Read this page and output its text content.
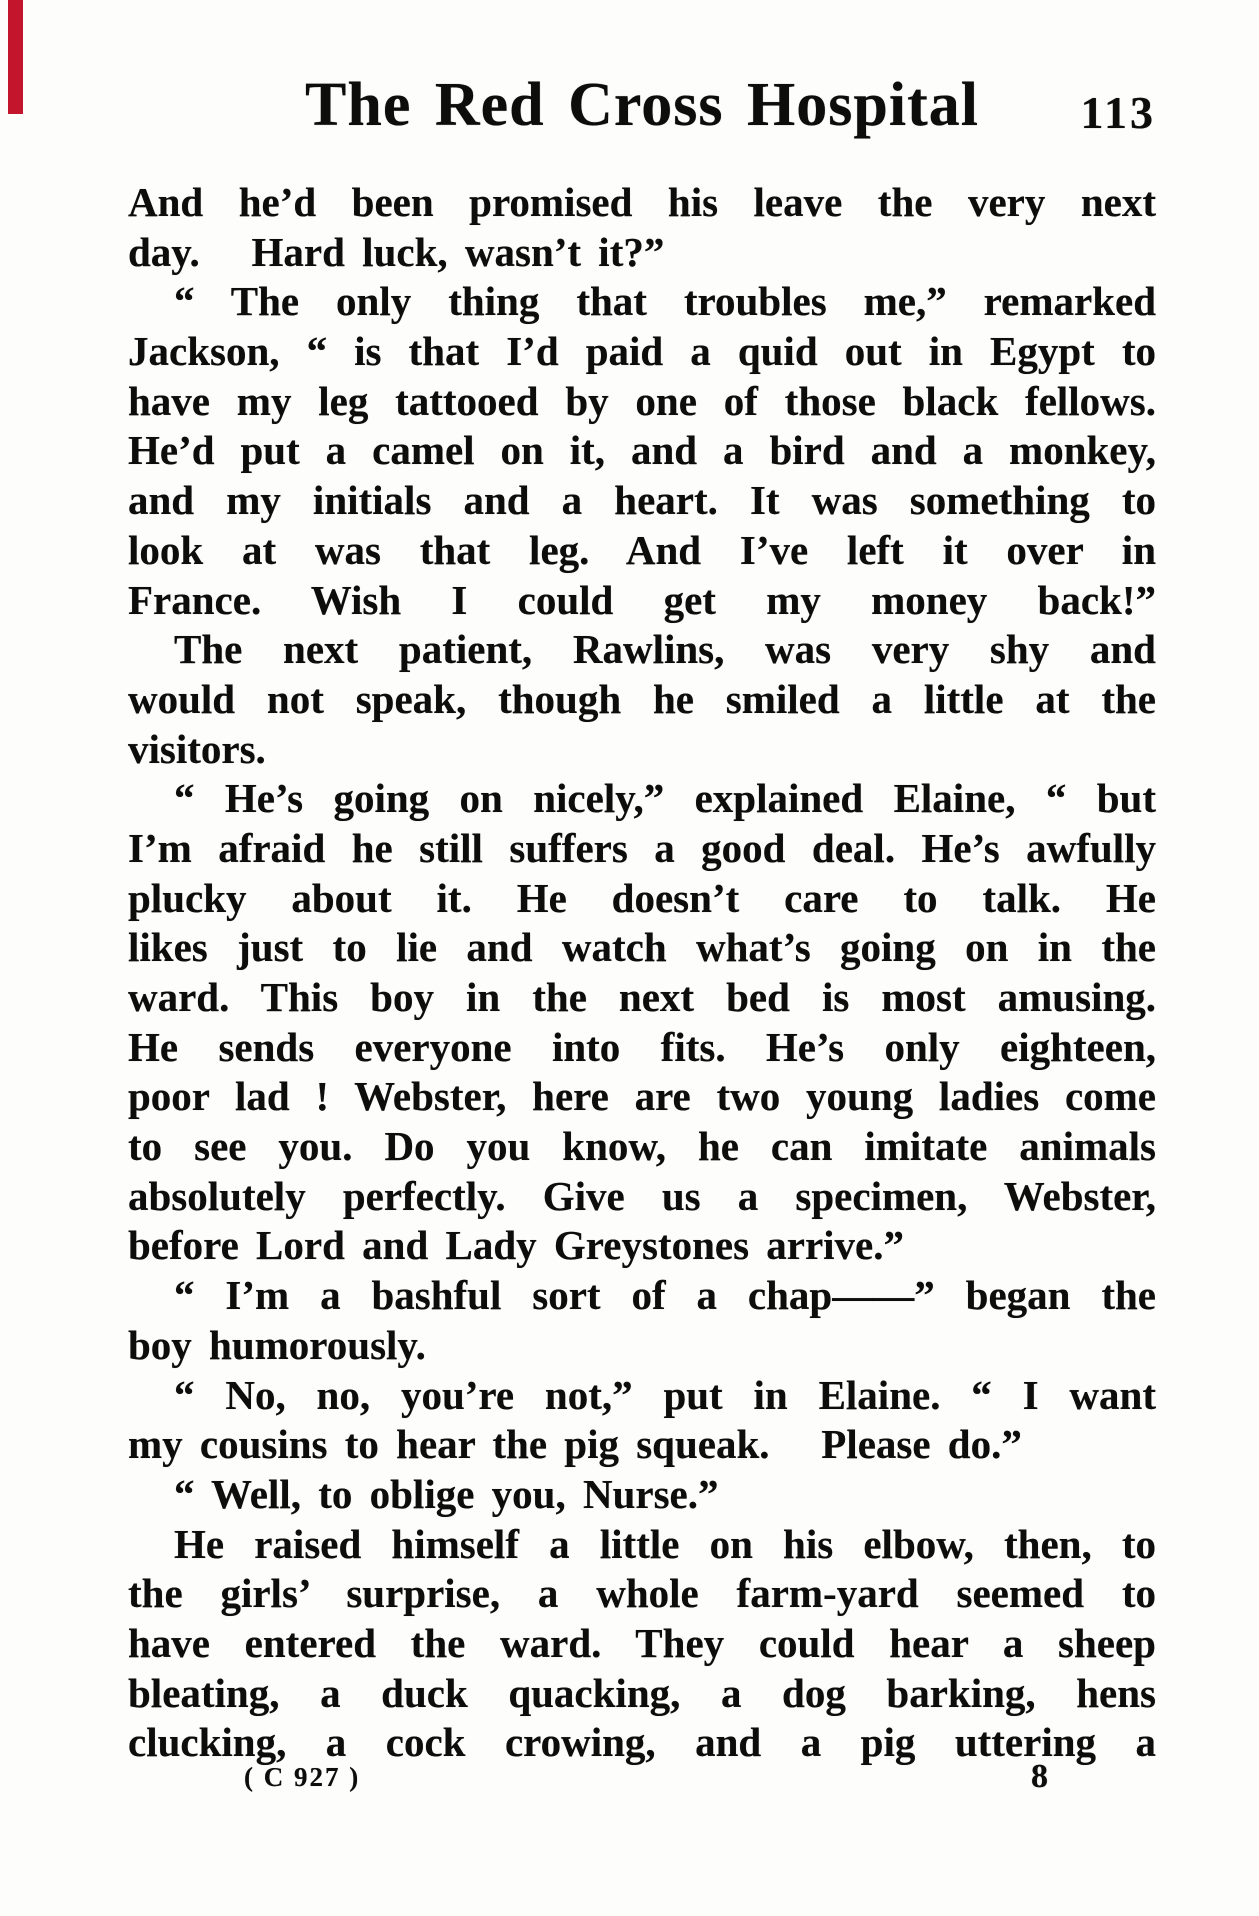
The Red Cross Hospital 113
And he’d been promised his leave the very next
day.   Hard luck, wasn’t it?”
“ The only thing that troubles me,” remarked
Jackson, “ is that I’d paid a quid out in Egypt to
have my leg tattooed by one of those black fellows.
He’d put a camel on it, and a bird and a monkey,
and my initials and a heart. It was something to
look at was that leg. And I’ve left it over in
France. Wish I could get my money back!”
The next patient, Rawlins, was very shy and
would not speak, though he smiled a little at the
visitors.
“ He’s going on nicely,” explained Elaine, “ but
I’m afraid he still suffers a good deal. He’s awfully
plucky about it. He doesn’t care to talk. He
likes just to lie and watch what’s going on in the
ward. This boy in the next bed is most amusing.
He sends everyone into fits. He’s only eighteen,
poor lad ! Webster, here are two young ladies come
to see you. Do you know, he can imitate animals
absolutely perfectly. Give us a specimen, Webster,
before Lord and Lady Greystones arrive.”
“ I’m a bashful sort of a chap——” began the
boy humorously.
“ No, no, you’re not,” put in Elaine. “ I want
my cousins to hear the pig squeak.   Please do.”
“ Well, to oblige you, Nurse.”
He raised himself a little on his elbow, then, to
the girls’ surprise, a whole farm-yard seemed to
have entered the ward. They could hear a sheep
bleating, a duck quacking, a dog barking, hens
clucking, a cock crowing, and a pig uttering a
( C 927 )	8
